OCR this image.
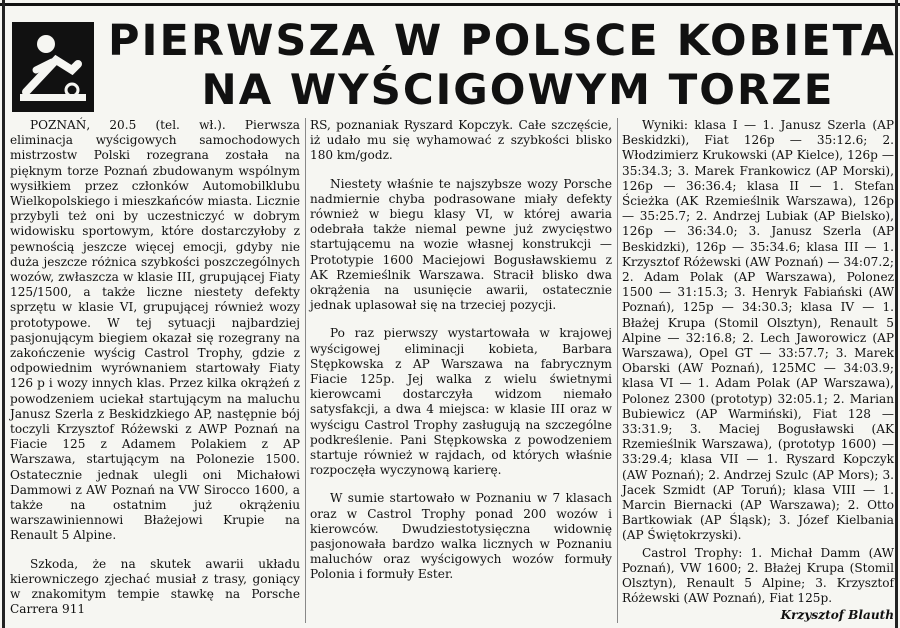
PIERWSZA W POLSCE KOBIETA
NA WYŚCIGOWYM TORZE

POZNAŃ, 20.5 (tel. wł.). Pierwsza eliminacja wyścigowych samochodowych mistrzostw Polski rozegrana została na pięknym torze Poznań zbudowanym wspólnym wysiłkiem przez członków Automobilklubu Wielkopolskiego i mieszkańców miasta. Licznie przybyli też oni by uczestniczyć w dobrym widowisku sportowym, które dostarczyłoby z pewnością jeszcze więcej emocji, gdyby nie duża jeszcze różnica szybkości poszczególnych wozów, zwłaszcza w klasie III, grupującej Fiaty 125/1500, a także liczne niestety defekty sprzętu w klasie VI, grupującej również wozy prototypowe. W tej sytuacji najbardziej pasjonującym biegiem okazał się rozegrany na zakończenie wyścig Castrol Trophy, gdzie z odpowiednim wyrównaniem startowały Fiaty 126 p i wozy innych klas. Przez kilka okrążeń z powodzeniem uciekał startującym na maluchu Janusz Szerla z Beskidzkiego AP, następnie bój toczyli Krzysztof Różewski z AWP Poznań na Fiacie 125 z Adamem Polakiem z AP Warszawa, startującym na Polonezie 1500. Ostatecznie jednak ulegli oni Michałowi Dammowi z AW Poznań na VW Sirocco 1600, a także na ostatnim już okrążeniu warszawiniennowi Błażejowi Krupie na Renault 5 Alpine.

Szkoda, że na skutek awarii układu kierowniczego zjechać musiał z trasy, goniący w znakomitym tempie stawkę na Porsche Carrera 911

RS, poznaniak Ryszard Kopczyk. Całe szczęście, iż udało mu się wyhamować z szybkości blisko 180 km/godz.

Niestety właśnie te najszybsze wozy Porsche nadmiernie chyba podrasowane miały defekty również w biegu klasy VI, w której awaria odebrała także niemal pewne już zwycięstwo startującemu na wozie własnej konstrukcji — Prototypie 1600 Maciejowi Bogusławskiemu z AK Rzemieślnik Warszawa. Stracił blisko dwa okrążenia na usunięcie awarii, ostatecznie jednak uplasował się na trzeciej pozycji.

Po raz pierwszy wystartowała w krajowej wyścigowej eliminacji kobieta, Barbara Stępkowska z AP Warszawa na fabrycznym Fiacie 125p. Jej walka z wielu świetnymi kierowcami dostarczyła widzom niemało satysfakcji, a dwa 4 miejsca: w klasie III oraz w wyścigu Castrol Trophy zasługują na szczególne podkreślenie. Pani Stępkowska z powodzeniem startuje również w rajdach, od których właśnie rozpoczęła wyczynową karierę.

W sumie startowało w Poznaniu w 7 klasach oraz w Castrol Trophy ponad 200 wozów i kierowców. Dwudziestotysięczna widownię pasjonowała bardzo walka licznych w Poznaniu maluchów oraz wyścigowych wozów formuły Polonia i formuły Ester.

Wyniki: klasa I — 1. Janusz Szerla (AP Beskidzki), Fiat 126p — 35:12.6; 2. Włodzimierz Krukowski (AP Kielce), 126p — 35:34.3; 3. Marek Frankowicz (AP Morski), 126p — 36:36.4; klasa II — 1. Stefan Ścieżka (AK Rzemieślnik Warszawa), 126p — 35:25.7; 2. Andrzej Lubiak (AP Bielsko), 126p — 36:34.0; 3. Janusz Szerla (AP Beskidzki), 126p — 35:34.6; klasa III — 1. Krzysztof Różewski (AW Poznań) — 34:07.2; 2. Adam Polak (AP Warszawa), Polonez 1500 — 31:15.3; 3. Henryk Fabiański (AW Poznań), 125p — 34:30.3; klasa IV — 1. Błażej Krupa (Stomil Olsztyn), Renault 5 Alpine — 32:16.8; 2. Lech Jaworowicz (AP Warszawa), Opel GT — 33:57.7; 3. Marek Obarski (AW Poznań), 125MC — 34:03.9; klasa VI — 1. Adam Polak (AP Warszawa), Polonez 2300 (prototyp) 32:05.1; 2. Marian Bubiewicz (AP Warmiński), Fiat 128 — 33:31.9; 3. Maciej Bogusławski (AK Rzemieślnik Warszawa), (prototyp 1600) — 33:29.4; klasa VII — 1. Ryszard Kopczyk (AW Poznań); 2. Andrzej Szulc (AP Mors); 3. Jacek Szmidt (AP Toruń); klasa VIII — 1. Marcin Biernacki (AP Warszawa); 2. Otto Bartkowiak (AP Śląsk); 3. Józef Kielbania (AP Świętokrzyski).

Castrol Trophy: 1. Michał Damm (AW Poznań), VW 1600; 2. Błażej Krupa (Stomil Olsztyn), Renault 5 Alpine; 3. Krzysztof Różewski (AW Poznań), Fiat 125p.

Krzysztof Blauth
